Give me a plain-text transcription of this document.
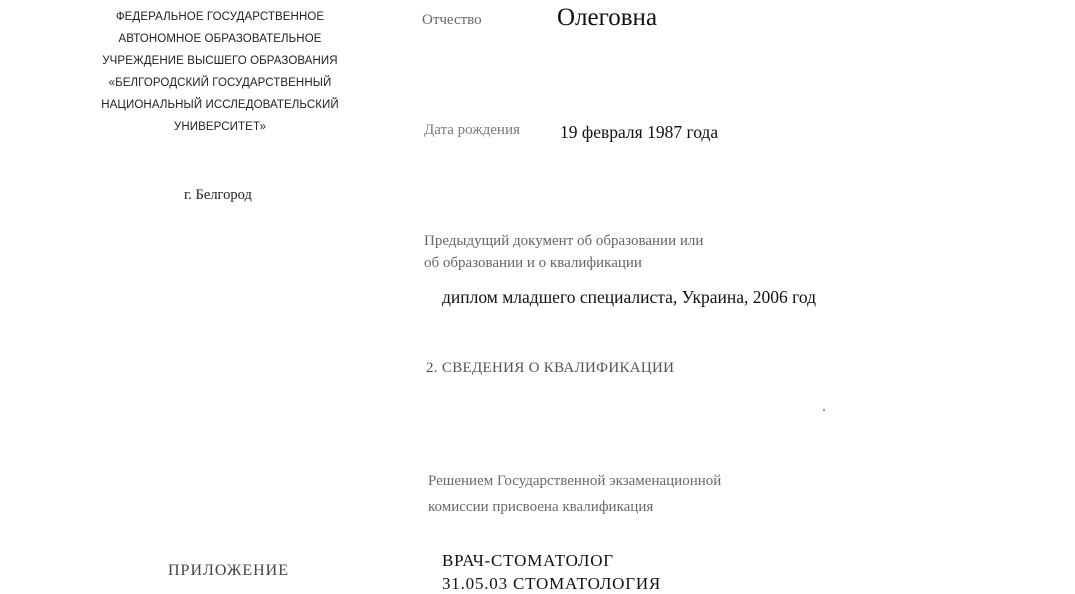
ФЕДЕРАЛЬНОЕ ГОСУДАРСТВЕННОЕ
АВТОНОМНОЕ ОБРАЗОВАТЕЛЬНОЕ
УЧРЕЖДЕНИЕ ВЫСШЕГО ОБРАЗОВАНИЯ
«БЕЛГОРОДСКИЙ ГОСУДАРСТВЕННЫЙ
НАЦИОНАЛЬНЫЙ ИССЛЕДОВАТЕЛЬСКИЙ
УНИВЕРСИТЕТ»
г. Белгород
Отчество	Олеговна
Дата рождения 19 февраля 1987 года
Предыдущий документ об образовании или
об образовании и о квалификации
диплом младшего специалиста, Украина, 2006 год
2. СВЕДЕНИЯ О КВАЛИФИКАЦИИ
Решением Государственной экзаменационной
комиссии присвоена квалификация
ПРИЛОЖЕНИЕ
ВРАЧ-СТОМАТОЛОГ
31.05.03 СТОМАТОЛОГИЯ
